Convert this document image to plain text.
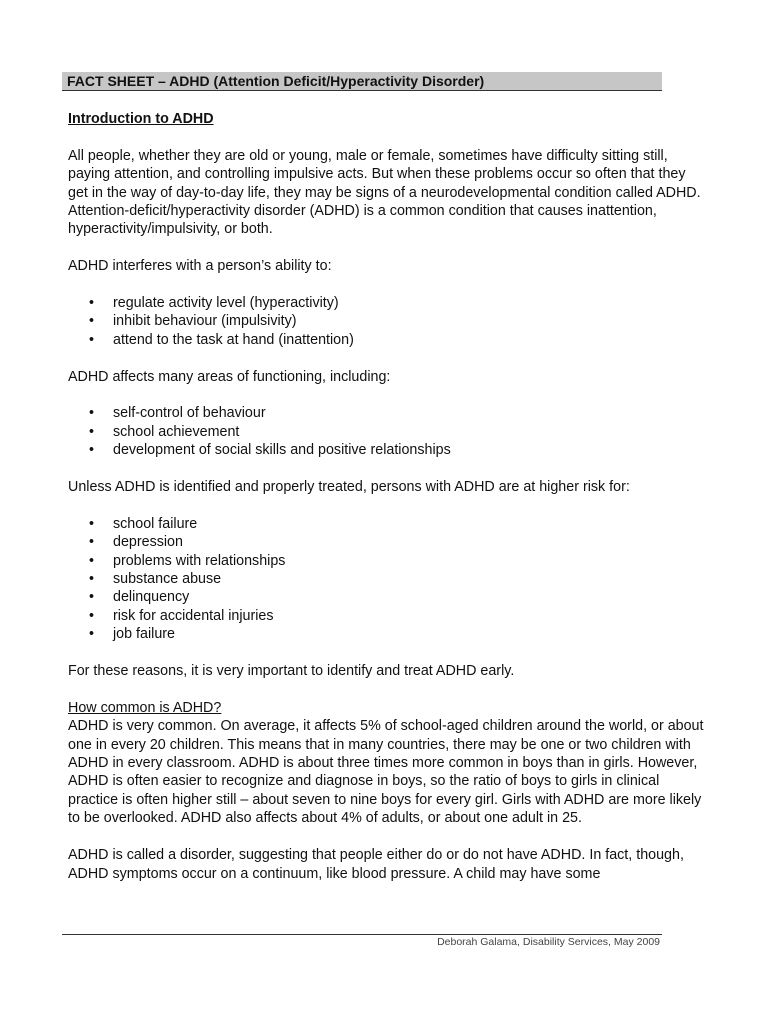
FACT SHEET – ADHD (Attention Deficit/Hyperactivity Disorder)

Introduction to ADHD

All people, whether they are old or young, male or female, sometimes have difficulty sitting still, paying attention, and controlling impulsive acts. But when these problems occur so often that they get in the way of day-to-day life, they may be signs of a neurodevelopmental condition called ADHD. Attention-deficit/hyperactivity disorder (ADHD) is a common condition that causes inattention, hyperactivity/impulsivity, or both.

ADHD interferes with a person’s ability to:

• regulate activity level (hyperactivity)
• inhibit behaviour (impulsivity)
• attend to the task at hand (inattention)

ADHD affects many areas of functioning, including:

• self-control of behaviour
• school achievement
• development of social skills and positive relationships

Unless ADHD is identified and properly treated, persons with ADHD are at higher risk for:

• school failure
• depression
• problems with relationships
• substance abuse
• delinquency
• risk for accidental injuries
• job failure

For these reasons, it is very important to identify and treat ADHD early.

How common is ADHD?

ADHD is very common. On average, it affects 5% of school-aged children around the world, or about one in every 20 children. This means that in many countries, there may be one or two children with ADHD in every classroom. ADHD is about three times more common in boys than in girls. However, ADHD is often easier to recognize and diagnose in boys, so the ratio of boys to girls in clinical practice is often higher still – about seven to nine boys for every girl. Girls with ADHD are more likely to be overlooked. ADHD also affects about 4% of adults, or about one adult in 25.

ADHD is called a disorder, suggesting that people either do or do not have ADHD. In fact, though, ADHD symptoms occur on a continuum, like blood pressure. A child may have some

Deborah Galama, Disability Services, May 2009
